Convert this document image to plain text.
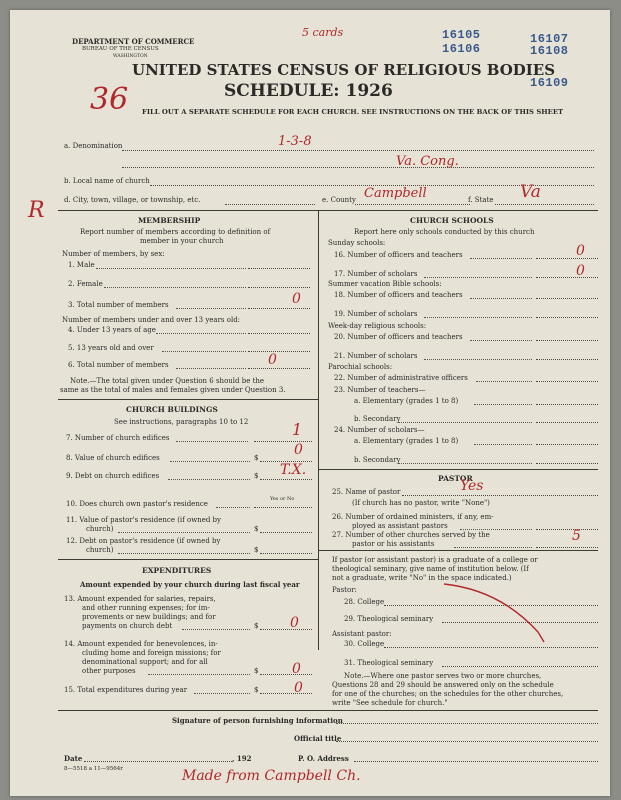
DEPARTMENT OF COMMERCE
BUREAU OF THE CENSUS
WASHINGTON
5 cards	16105
16106
16107
16108
16109
36
UNITED STATES CENSUS OF RELIGIOUS BODIES
SCHEDULE: 1926
FILL OUT A SEPARATE SCHEDULE FOR EACH CHURCH. SEE INSTRUCTIONS ON THE BACK OF THIS SHEET
a. Denomination	1-3-8
Va. Cong.
b. Local name of church
d. City, town, village, or township, etc.	e. County Campbell	f. State Va
R	MEMBERSHIP
Report number of members according to definition of
member in your church
Number of members, by sex:
1. Male
2. Female
3. Total number of members	0
Number of members under and over 13 years old:
4. Under 13 years of age
5. 13 years old and over
6. Total number of members	0
Note.—The total given under Question 6 should be the
same as the total of males and females given under Question 3.
CHURCH BUILDINGS
See instructions, paragraphs 10 to 12
7. Number of church edifices	1
8. Value of church edifices	$	0
9. Debt on church edifices	$ T.X.
10. Does church own pastor's residence
Yes or No
11. Value of pastor's residence (if owned by
church)	$
12. Debt on pastor's residence (if owned by
church)	$
EXPENDITURES
Amount expended by your church during last fiscal year
13. Amount expended for salaries, repairs,
and other running expenses; for im-
provements or new buildings; and for
payments on church debt	$ 0
14. Amount expended for benevolences, in-
cluding home and foreign missions; for
denominational support; and for all
other purposes	$ 0
15. Total expenditures during year	$	0
CHURCH SCHOOLS
Report here only schools conducted by this church
Sunday schools:
16. Number of officers and teachers	0
17. Number of scholars	0
Summer vacation Bible schools:
18. Number of officers and teachers
19. Number of scholars
Week-day religious schools:
20. Number of officers and teachers
21. Number of scholars
Parochial schools:
22. Number of administrative officers
23. Number of teachers—
a. Elementary (grades 1 to 8)
b. Secondary
24. Number of scholars—
a. Elementary (grades 1 to 8)
b. Secondary
PASTOR
25. Name of pastor	Yes
(If church has no pastor, write "None")
26. Number of ordained ministers, if any, em-
ployed as assistant pastors
27. Number of other churches served by the
pastor or his assistants	5
If pastor (or assistant pastor) is a graduate of a college or
theological seminary, give name of institution below. (If
not a graduate, write "No" in the space indicated.)
Pastor:
28. College
29. Theological seminary
Assistant pastor:
30. College
31. Theological seminary
Note.—Where one pastor serves two or more churches,
Questions 28 and 29 should be answered only on the schedule
for one of the churches; on the schedules for the other churches,
write "See schedule for church."
Signature of person furnishing information
Official title
Date	, 192	P. O. Address
8—5518 a 11—9564r	Made from Campbell Ch.
